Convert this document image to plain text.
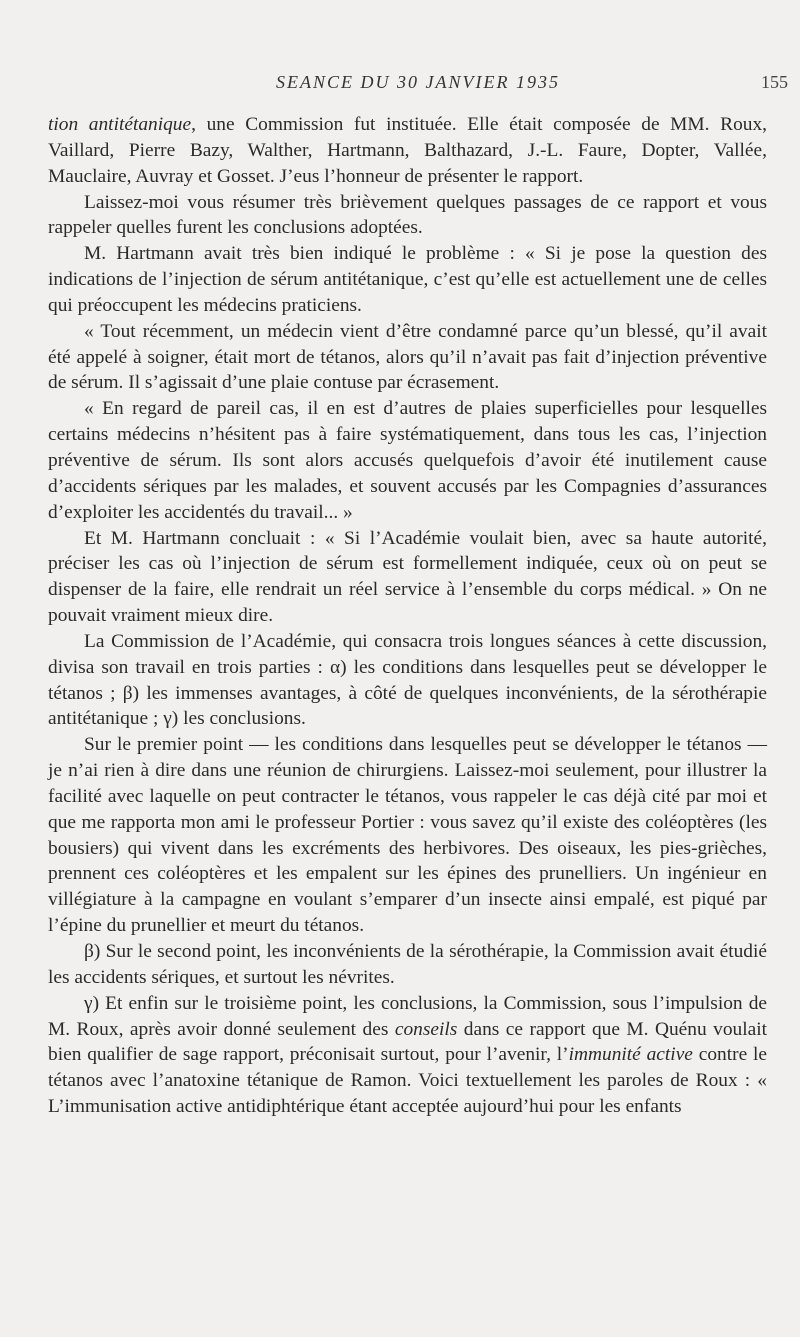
SEANCE DU 30 JANVIER 1935	155

tion antitétanique, une Commission fut instituée. Elle était composée de MM. Roux, Vaillard, Pierre Bazy, Walther, Hartmann, Balthazard, J.-L. Faure, Dopter, Vallée, Mauclaire, Auvray et Gosset. J’eus l’honneur de présenter le rapport.

Laissez-moi vous résumer très brièvement quelques passages de ce rapport et vous rappeler quelles furent les conclusions adoptées.

M. Hartmann avait très bien indiqué le problème : « Si je pose la question des indications de l’injection de sérum antitétanique, c’est qu’elle est actuellement une de celles qui préoccupent les médecins praticiens.

« Tout récemment, un médecin vient d’être condamné parce qu’un blessé, qu’il avait été appelé à soigner, était mort de tétanos, alors qu’il n’avait pas fait d’injection préventive de sérum. Il s’agissait d’une plaie contuse par écrasement.

« En regard de pareil cas, il en est d’autres de plaies superficielles pour lesquelles certains médecins n’hésitent pas à faire systématiquement, dans tous les cas, l’injection préventive de sérum. Ils sont alors accusés quelquefois d’avoir été inutilement cause d’accidents sériques par les malades, et souvent accusés par les Compagnies d’assurances d’exploiter les accidentés du travail... »

Et M. Hartmann concluait : « Si l’Académie voulait bien, avec sa haute autorité, préciser les cas où l’injection de sérum est formellement indiquée, ceux où on peut se dispenser de la faire, elle rendrait un réel service à l’ensemble du corps médical. » On ne pouvait vraiment mieux dire.

La Commission de l’Académie, qui consacra trois longues séances à cette discussion, divisa son travail en trois parties : α) les conditions dans lesquelles peut se développer le tétanos ; β) les immenses avantages, à côté de quelques inconvénients, de la sérothérapie antitétanique ; γ) les conclusions.

Sur le premier point — les conditions dans lesquelles peut se développer le tétanos — je n’ai rien à dire dans une réunion de chirurgiens. Laissez-moi seulement, pour illustrer la facilité avec laquelle on peut contracter le tétanos, vous rappeler le cas déjà cité par moi et que me rapporta mon ami le professeur Portier : vous savez qu’il existe des coléoptères (les bousiers) qui vivent dans les excréments des herbivores. Des oiseaux, les pies-grièches, prennent ces coléoptères et les empalent sur les épines des prunelliers. Un ingénieur en villégiature à la campagne en voulant s’emparer d’un insecte ainsi empalé, est piqué par l’épine du prunellier et meurt du tétanos.

β) Sur le second point, les inconvénients de la sérothérapie, la Commission avait étudié les accidents sériques, et surtout les névrites.

γ) Et enfin sur le troisième point, les conclusions, la Commission, sous l’impulsion de M. Roux, après avoir donné seulement des conseils dans ce rapport que M. Quénu voulait bien qualifier de sage rapport, préconisait surtout, pour l’avenir, l’immunité active contre le tétanos avec l’anatoxine tétanique de Ramon. Voici textuellement les paroles de Roux : « L’immunisation active antidiphtérique étant acceptée aujourd’hui pour les enfants
